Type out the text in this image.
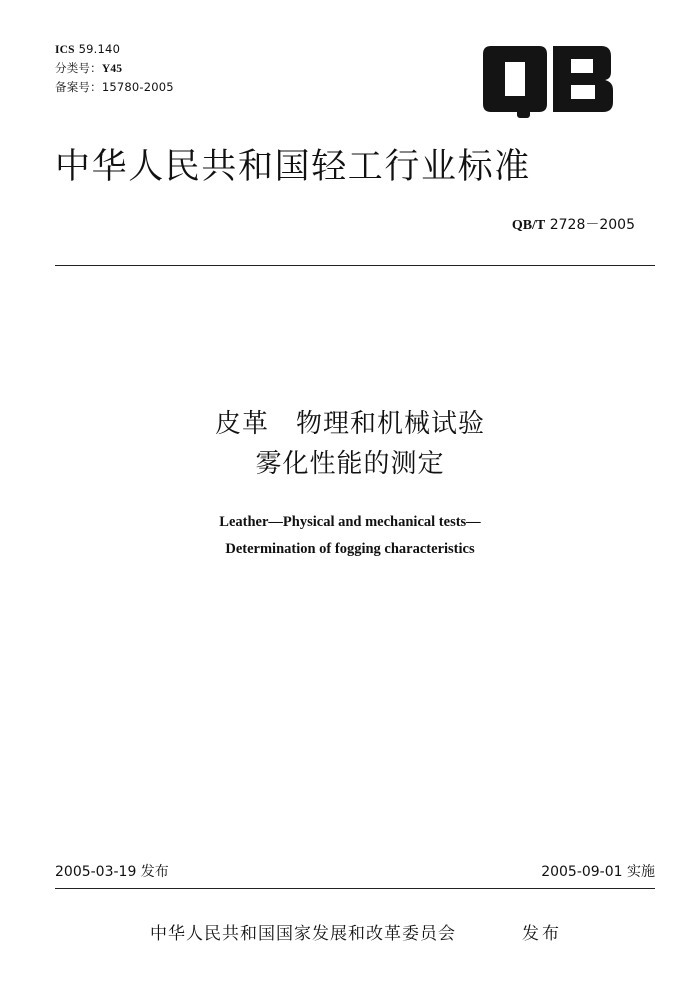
ICS 59.140
分类号：Y45
备案号：15780-2005
中华人民共和国轻工行业标准
QB/T 2728－2005
皮革　物理和机械试验
雾化性能的测定
Leather—Physical and mechanical tests—
Determination of fogging characteristics
2005-03-19 发布	2005-09-01 实施
中华人民共和国国家发展和改革委员会	发布
